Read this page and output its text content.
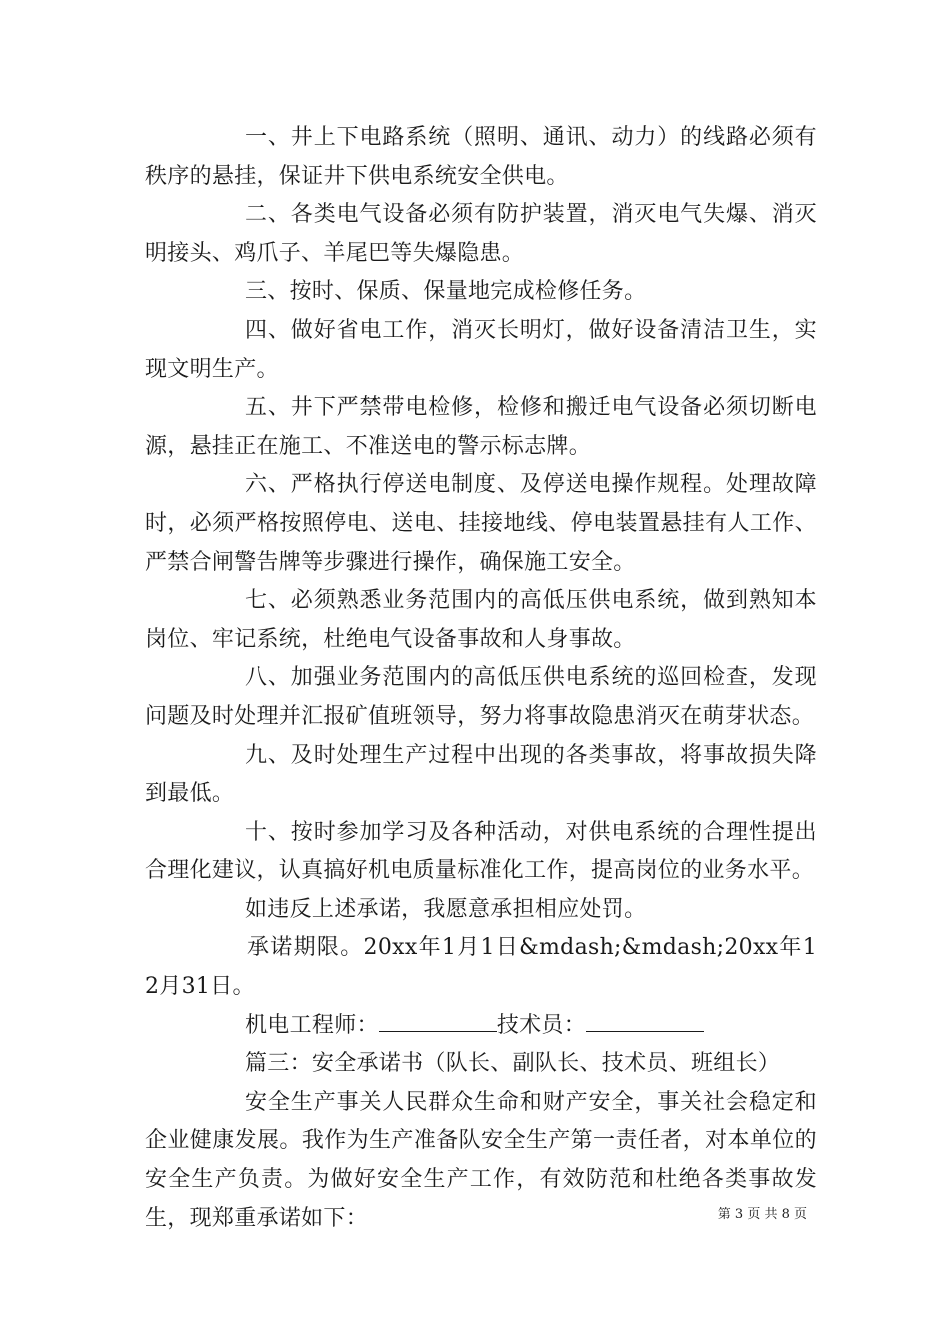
一、井上下电路系统（照明、通讯、动力）的线路必须有秩序的悬挂，保证井下供电系统安全供电。

二、各类电气设备必须有防护装置，消灭电气失爆、消灭明接头、鸡爪子、羊尾巴等失爆隐患。

三、按时、保质、保量地完成检修任务。

四、做好省电工作，消灭长明灯，做好设备清洁卫生，实现文明生产。

五、井下严禁带电检修，检修和搬迁电气设备必须切断电源，悬挂正在施工、不准送电的警示标志牌。

六、严格执行停送电制度、及停送电操作规程。处理故障时，必须严格按照停电、送电、挂接地线、停电装置悬挂有人工作、严禁合闸警告牌等步骤进行操作，确保施工安全。

七、必须熟悉业务范围内的高低压供电系统，做到熟知本岗位、牢记系统，杜绝电气设备事故和人身事故。

八、加强业务范围内的高低压供电系统的巡回检查，发现问题及时处理并汇报矿值班领导，努力将事故隐患消灭在萌芽状态。

九、及时处理生产过程中出现的各类事故，将事故损失降到最低。

十、按时参加学习及各种活动，对供电系统的合理性提出合理化建议，认真搞好机电质量标准化工作，提高岗位的业务水平。

如违反上述承诺，我愿意承担相应处罚。

承诺期限。20xx年1月1日&mdash;&mdash;20xx年12月31日。

机电工程师：	技术员：

篇三：安全承诺书（队长、副队长、技术员、班组长）

安全生产事关人民群众生命和财产安全，事关社会稳定和企业健康发展。我作为生产准备队安全生产第一责任者，对本单位的安全生产负责。为做好安全生产工作，有效防范和杜绝各类事故发生，现郑重承诺如下：	第 3 页 共 8 页
